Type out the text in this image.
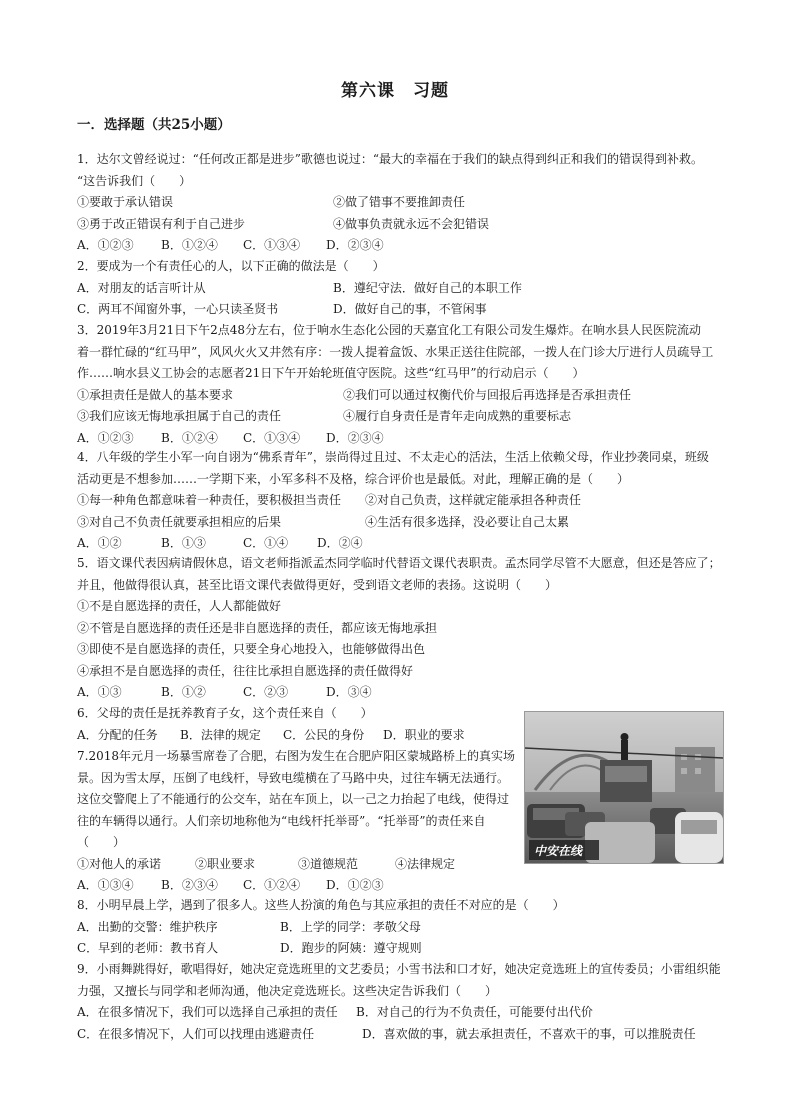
第六课 习题
一．选择题（共25小题）
1．达尔文曾经说过：“任何改正都是进步”歌德也说过：“最大的幸福在于我们的缺点得到纠正和我们的错误得到补救。
“这告诉我们（　　）
①要敢于承认错误	②做了错事不要推卸责任
③勇于改正错误有利于自己进步	④做事负责就永远不会犯错误
A．①②③ B．①②④ C．①③④ D．②③④
2．要成为一个有责任心的人，以下正确的做法是（　　）
A．对朋友的话言听计从	B．遵纪守法．做好自己的本职工作
C．两耳不闻窗外事，一心只读圣贤书	D．做好自己的事，不管闲事
3．2019年3月21日下午2点48分左右，位于响水生态化公园的天嘉宜化工有限公司发生爆炸。在响水县人民医院流动
着一群忙碌的“红马甲”，风风火火又井然有序：一拨人提着盒饭、水果正送往住院部，一拨人在门诊大厅进行人员疏导工
作……响水县义工协会的志愿者21日下午开始轮班值守医院。这些“红马甲”的行动启示（　　）
①承担责任是做人的基本要求	②我们可以通过权衡代价与回报后再选择是否承担责任
③我们应该无悔地承担属于自己的责任	④履行自身责任是青年走向成熟的重要标志
A．①②③ B．①②④ C．①③④ D．②③④
4．八年级的学生小军一向自诩为“佛系青年”，崇尚得过且过、不太走心的活法，生活上依赖父母，作业抄袭同桌，班级
活动更是不想参加……一学期下来，小军多科不及格，综合评价也是最低。对此，理解正确的是（　　）
①每一种角色都意味着一种责任，要积极担当责任 ②对自己负责，这样就定能承担各种责任
③对自己不负责任就要承担相应的后果	④生活有很多选择，没必要让自己太累
A．①②	B．①③	C．①④ D．②④
5．语文课代表因病请假休息，语文老师指派孟杰同学临时代替语文课代表职责。孟杰同学尽管不大愿意，但还是答应了；
并且，他做得很认真，甚至比语文课代表做得更好，受到语文老师的表扬。这说明（　　）
①不是自愿选择的责任，人人都能做好
②不管是自愿选择的责任还是非自愿选择的责任，都应该无悔地承担
③即使不是自愿选择的责任，只要全身心地投入，也能够做得出色
④承担不是自愿选择的责任，往往比承担自愿选择的责任做得好
A．①③	B．①②	C．②③	D．③④
6．父母的责任是抚养教育子女，这个责任来自（　　）
A．分配的任务 B．法律的规定 C．公民的身份 D．职业的要求
7.2018年元月一场暴雪席卷了合肥，右图为发生在合肥庐阳区蒙城路桥上的真实场
景。因为雪太厚，压倒了电线杆，导致电缆横在了马路中央，过往车辆无法通行。
这位交警爬上了不能通行的公交车，站在车顶上，以一己之力抬起了电线，使得过
往的车辆得以通行。人们亲切地称他为“电线杆托举哥”。“托举哥”的责任来自
（　　）
①对他人的承诺	②职业要求	③道德规范	④法律规定
A．①③④ B．②③④ C．①②④ D．①②③
中安在线
8．小明早晨上学，遇到了很多人。这些人扮演的角色与其应承担的责任不对应的是（　　）
A．出勤的交警：维护秩序	B．上学的同学：孝敬父母
C．早到的老师：教书育人	D．跑步的阿姨：遵守规则
9．小雨舞跳得好，歌唱得好，她决定竞选班里的文艺委员；小雪书法和口才好，她决定竞选班上的宣传委员；小雷组织能
力强，又擅长与同学和老师沟通，他决定竞选班长。这些决定告诉我们（　　）
A．在很多情况下，我们可以选择自己承担的责任 B．对自己的行为不负责任，可能要付出代价
C．在很多情况下，人们可以找理由逃避责任	D．喜欢做的事，就去承担责任，不喜欢干的事，可以推脱责任
